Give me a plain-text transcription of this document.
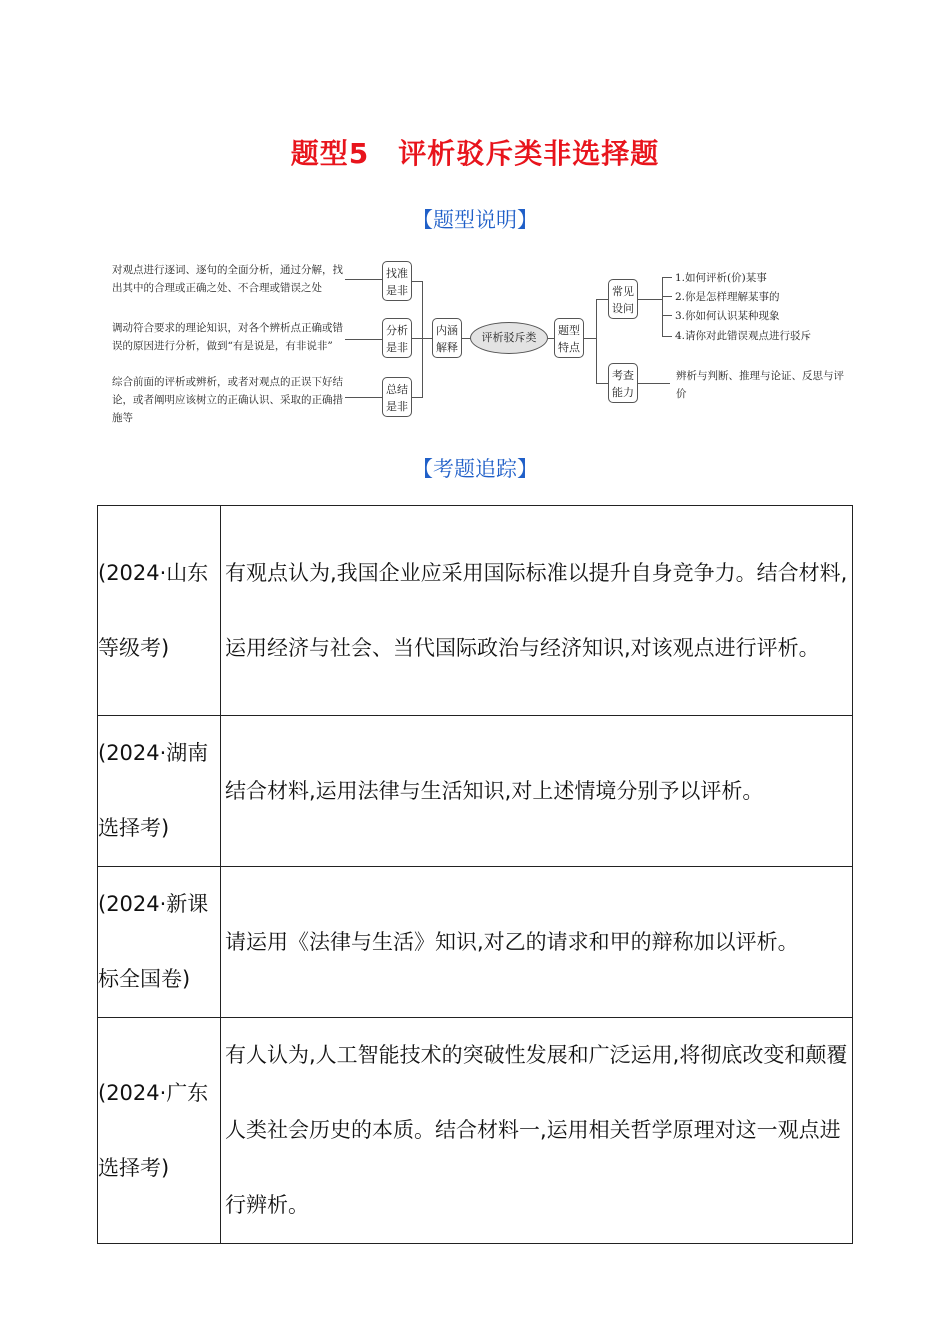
题型5　评析驳斥类非选择题
【题型说明】
对观点进行逐词、逐句的全面分析，通过分解，找出其中的合理或正确之处、不合理或错误之处
调动符合要求的理论知识，对各个辨析点正确或错误的原因进行分析，做到“有是说是，有非说非”
综合前面的评析或辨析，或者对观点的正误下好结论，或者阐明应该树立的正确认识、采取的正确措施等
找准是非
分析是非
总结是非
内涵解释
评析驳斥类
题型特点
常见设问
考查能力
1.如何评析(价)某事
2.你是怎样理解某事的
3.你如何认识某种现象
4.请你对此错误观点进行驳斥
辨析与判断、推理与论证、反思与评价
【考题追踪】
(2024·山东等级考)	有观点认为,我国企业应采用国际标准以提升自身竞争力。结合材料,运用经济与社会、当代国际政治与经济知识,对该观点进行评析。
(2024·湖南选择考)	结合材料,运用法律与生活知识,对上述情境分别予以评析。
(2024·新课标全国卷)	请运用《法律与生活》知识,对乙的请求和甲的辩称加以评析。
(2024·广东选择考)	有人认为,人工智能技术的突破性发展和广泛运用,将彻底改变和颠覆人类社会历史的本质。结合材料一,运用相关哲学原理对这一观点进行辨析。
